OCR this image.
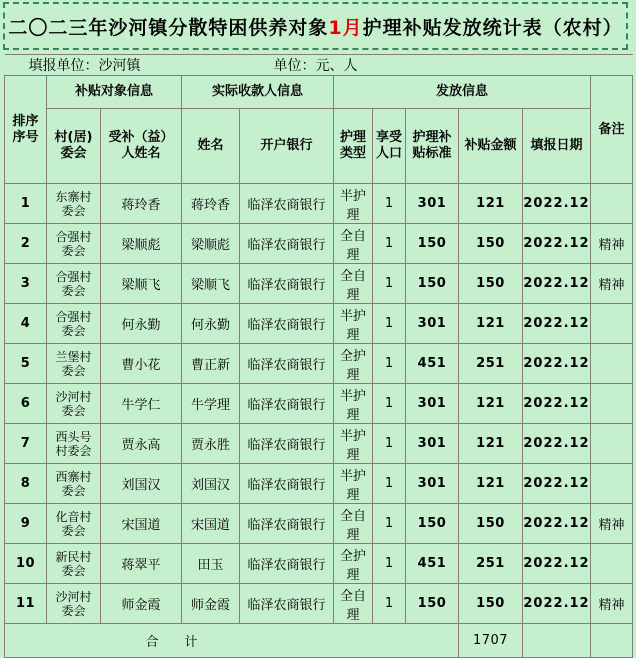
二〇二三年沙河镇分散特困供养对象 1月 护理补贴发放统计表（农村）
填报单位：沙河镇				单位：元、人						

排序序号	补贴对象信息		实际收款人信息		发放信息					备注

	村(居)委会	受补（益）人姓名	姓名	开户银行	护理类型	享受人口	护理补贴标准	补贴金额	填报日期	
1	东寨村委会	蒋玲香	蒋玲香	临泽农商银行	半护理	1	301	121	2022.12	
2	合强村委会	梁顺彪	梁顺彪	临泽农商银行	全自理	1	150	150	2022.12	精神
3	合强村委会	梁顺飞	梁顺飞	临泽农商银行	全自理	1	150	150	2022.12	精神
4	合强村委会	何永勤	何永勤	临泽农商银行	半护理	1	301	121	2022.12	
5	兰堡村委会	曹小花	曹正新	临泽农商银行	全护理	1	451	251	2022.12	
6	沙河村委会	牛学仁	牛学理	临泽农商银行	半护理	1	301	121	2022.12	
7	西头号村委会	贾永高	贾永胜	临泽农商银行	半护理	1	301	121	2022.12	
8	西寨村委会	刘国汉	刘国汉	临泽农商银行	半护理	1	301	121	2022.12	
9	化音村委会	宋国道	宋国道	临泽农商银行	全自理	1	150	150	2022.12	精神
10	新民村委会	蒋翠平	田玉	临泽农商银行	全护理	1	451	251	2022.12	
11	沙河村委会	师金霞	师金霞	临泽农商银行	全自理	1	150	150	2022.12	精神
合　　计								1707		
